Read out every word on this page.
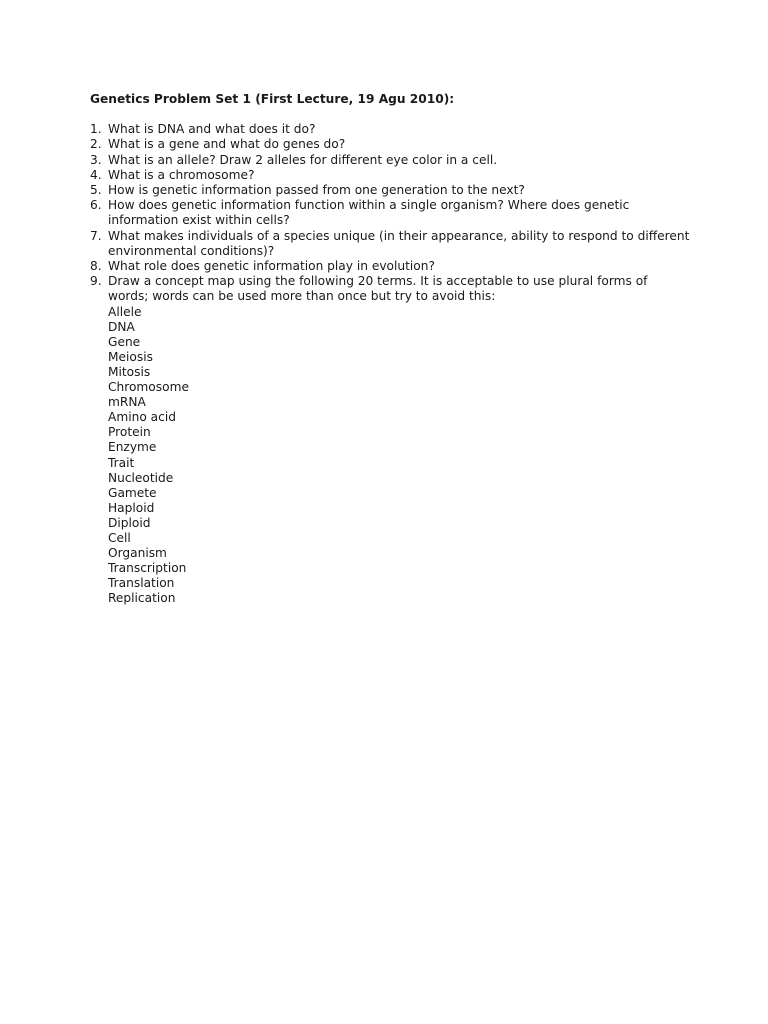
Genetics Problem Set 1 (First Lecture, 19 Agu 2010):
1. What is DNA and what does it do?
2. What is a gene and what do genes do?
3. What is an allele? Draw 2 alleles for different eye color in a cell.
4. What is a chromosome?
5. How is genetic information passed from one generation to the next?
6. How does genetic information function within a single organism? Where does genetic information exist within cells?
7. What makes individuals of a species unique (in their appearance, ability to respond to different environmental conditions)?
8. What role does genetic information play in evolution?
9. Draw a concept map using the following 20 terms. It is acceptable to use plural forms of words; words can be used more than once but try to avoid this:
Allele
DNA
Gene
Meiosis
Mitosis
Chromosome
mRNA
Amino acid
Protein
Enzyme
Trait
Nucleotide
Gamete
Haploid
Diploid
Cell
Organism
Transcription
Translation
Replication
